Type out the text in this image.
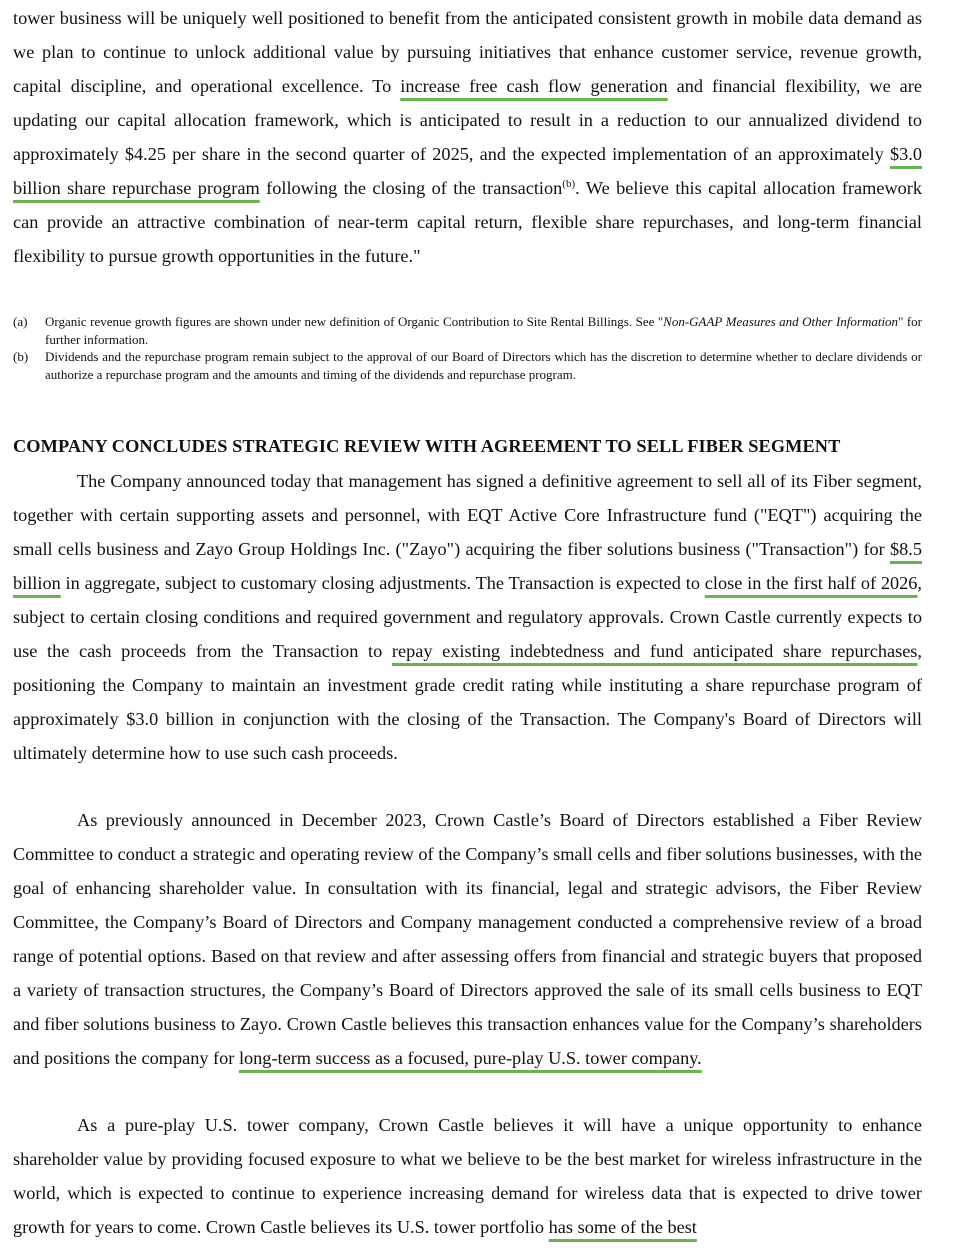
tower business will be uniquely well positioned to benefit from the anticipated consistent growth in mobile data demand as we plan to continue to unlock additional value by pursuing initiatives that enhance customer service, revenue growth, capital discipline, and operational excellence. To increase free cash flow generation and financial flexibility, we are updating our capital allocation framework, which is anticipated to result in a reduction to our annualized dividend to approximately $4.25 per share in the second quarter of 2025, and the expected implementation of an approximately $3.0 billion share repurchase program following the closing of the transaction$^{(b)}$. We believe this capital allocation framework can provide an attractive combination of near-term capital return, flexible share repurchases, and long-term financial flexibility to pursue growth opportunities in the future."

(a) Organic revenue growth figures are shown under new definition of Organic Contribution to Site Rental Billings. See "Non-GAAP Measures and Other Information" for further information.
(b) Dividends and the repurchase program remain subject to the approval of our Board of Directors which has the discretion to determine whether to declare dividends or authorize a repurchase program and the amounts and timing of the dividends and repurchase program.
COMPANY CONCLUDES STRATEGIC REVIEW WITH AGREEMENT TO SELL FIBER SEGMENT

The Company announced today that management has signed a definitive agreement to sell all of its Fiber segment, together with certain supporting assets and personnel, with EQT Active Core Infrastructure fund ("EQT") acquiring the small cells business and Zayo Group Holdings Inc. ("Zayo") acquiring the fiber solutions business ("Transaction") for $8.5 billion in aggregate, subject to customary closing adjustments. The Transaction is expected to close in the first half of 2026, subject to certain closing conditions and required government and regulatory approvals. Crown Castle currently expects to use the cash proceeds from the Transaction to repay existing indebtedness and fund anticipated share repurchases, positioning the Company to maintain an investment grade credit rating while instituting a share repurchase program of approximately $3.0 billion in conjunction with the closing of the Transaction. The Company's Board of Directors will ultimately determine how to use such cash proceeds.

As previously announced in December 2023, Crown Castle’s Board of Directors established a Fiber Review Committee to conduct a strategic and operating review of the Company’s small cells and fiber solutions businesses, with the goal of enhancing shareholder value. In consultation with its financial, legal and strategic advisors, the Fiber Review Committee, the Company’s Board of Directors and Company management conducted a comprehensive review of a broad range of potential options. Based on that review and after assessing offers from financial and strategic buyers that proposed a variety of transaction structures, the Company’s Board of Directors approved the sale of its small cells business to EQT and fiber solutions business to Zayo. Crown Castle believes this transaction enhances value for the Company’s shareholders and positions the company for long-term success as a focused, pure-play U.S. tower company.

As a pure-play U.S. tower company, Crown Castle believes it will have a unique opportunity to enhance shareholder value by providing focused exposure to what we believe to be the best market for wireless infrastructure in the world, which is expected to continue to experience increasing demand for wireless data that is expected to drive tower growth for years to come. Crown Castle believes its U.S. tower portfolio has some of the best
